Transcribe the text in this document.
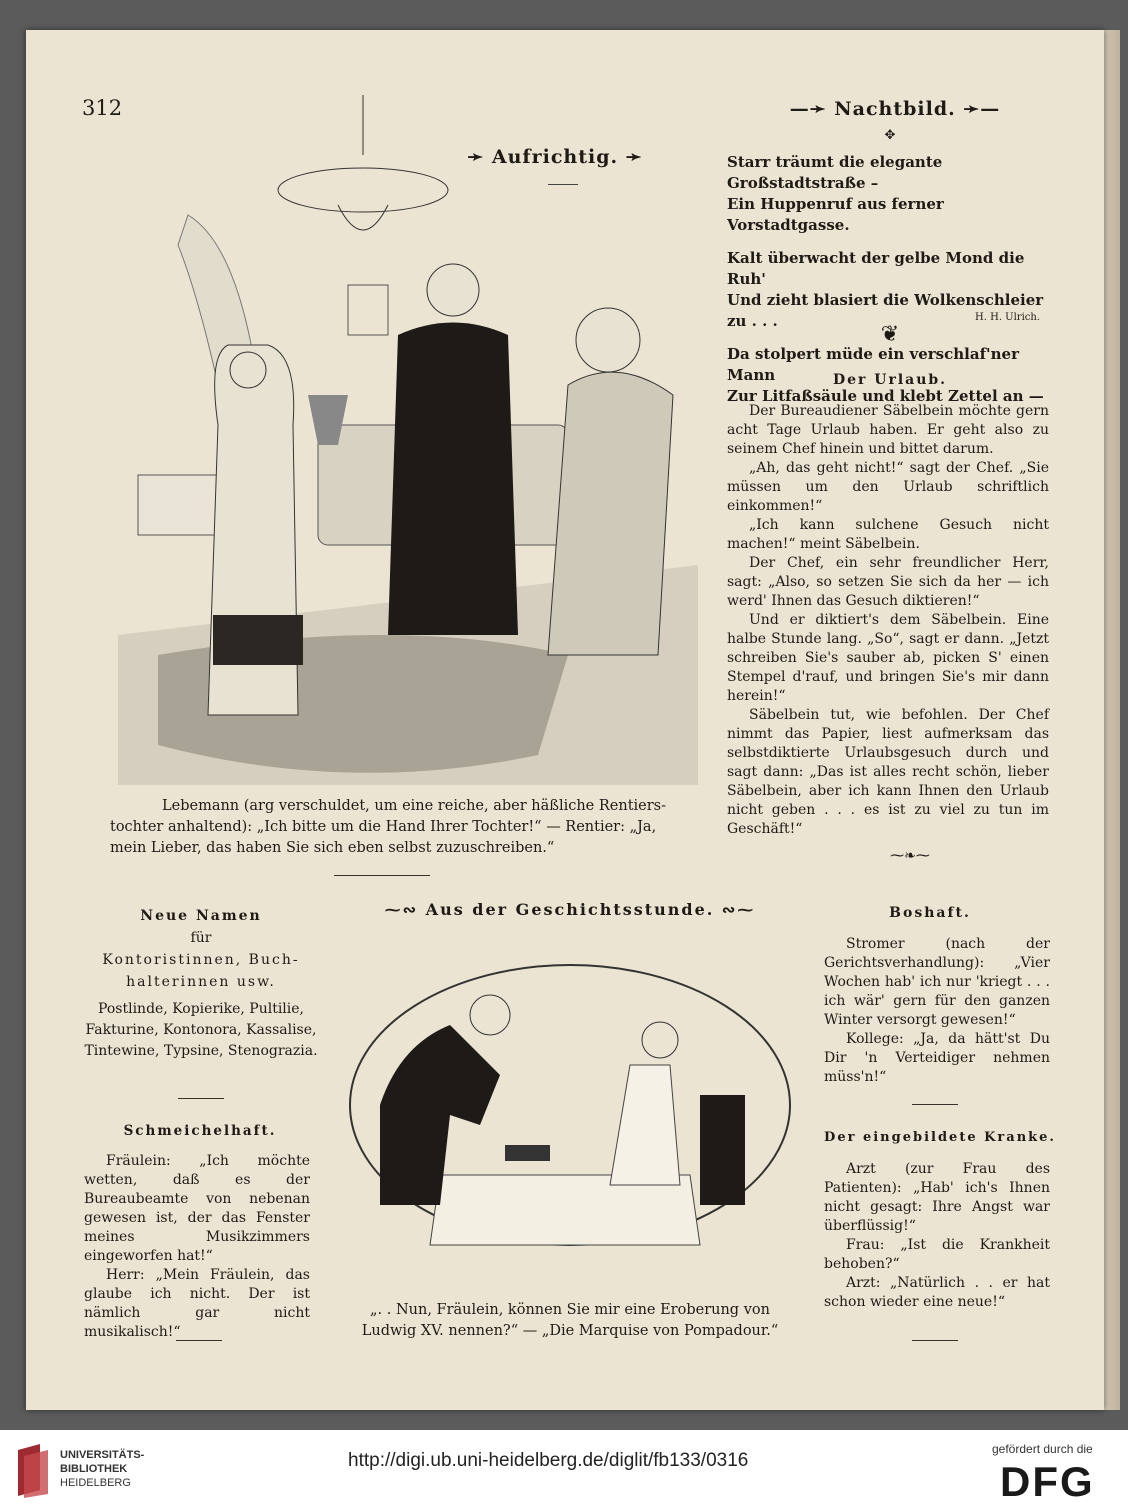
312
➛ Aufrichtig. ➛
Lebemann (arg verschuldet, um eine reiche, aber häßliche Rentiers-
tochter anhaltend): „Ich bitte um die Hand Ihrer Tochter!“ — Rentier: „Ja,
mein Lieber, das haben Sie sich eben selbst zuzuschreiben.“
—➛ Nachtbild. ➛—
✥

Starr träumt die elegante Großstadtstraße –

Ein Huppenruf aus ferner Vorstadtgasse.

Kalt überwacht der gelbe Mond die Ruh'

Und zieht blasiert die Wolkenschleier zu . . .

Da stolpert müde ein verschlaf'ner Mann

Zur Litfaßsäule und klebt Zettel an —

H. H. Ulrich.
❦
Der Urlaub.

Der Bureaudiener Säbelbein möchte gern acht Tage Urlaub haben. Er geht also zu seinem Chef hinein und bittet darum.

„Ah, das geht nicht!“ sagt der Chef. „Sie müssen um den Urlaub schriftlich einkommen!“

„Ich kann sulchene Gesuch nicht machen!“ meint Säbelbein.

Der Chef, ein sehr freundlicher Herr, sagt: „Also, so setzen Sie sich da her — ich werd' Ihnen das Gesuch diktieren!“

Und er diktiert's dem Säbelbein. Eine halbe Stunde lang. „So“, sagt er dann. „Jetzt schreiben Sie's sauber ab, picken S' einen Stempel d'rauf, und bringen Sie's mir dann herein!“

Säbelbein tut, wie befohlen. Der Chef nimmt das Papier, liest aufmerksam das selbstdiktierte Urlaubsgesuch durch und sagt dann: „Das ist alles recht schön, lieber Säbelbein, aber ich kann Ihnen den Urlaub nicht geben . . . es ist zu viel zu tun im Geschäft!“

⁓❧⁓
⁓∾ Aus der Geschichtsstunde. ∾⁓
„. . Nun, Fräulein, können Sie mir eine Eroberung von
Ludwig XV. nennen?“ — „Die Marquise von Pompadour.“
Neue Namen
für
Kontoristinnen, Buch-
halterinnen usw.

Postlinde, Kopierike, Pultilie, Fakturine, Kontonora, Kassalise, Tintewine, Typsine, Stenograzia.

Schmeichelhaft.

Fräulein: „Ich möchte wetten, daß es der Bureaubeamte von nebenan gewesen ist, der das Fenster meines Musikzimmers eingeworfen hat!“

Herr: „Mein Fräulein, das glaube ich nicht. Der ist nämlich gar nicht musikalisch!“

Boshaft.

Stromer (nach der Gerichtsverhandlung): „Vier Wochen hab' ich nur 'kriegt . . . ich wär' gern für den ganzen Winter versorgt gewesen!“

Kollege: „Ja, da hätt'st Du Dir 'n Verteidiger nehmen müss'n!“

Der eingebildete Kranke.

Arzt (zur Frau des Patienten): „Hab' ich's Ihnen nicht gesagt: Ihre Angst war überflüssig!“

Frau: „Ist die Krankheit behoben?“

Arzt: „Natürlich . . er hat schon wieder eine neue!“

UNIVERSITÄTS-
BIBLIOTHEK
HEIDELBERG
http://digi.ub.uni-heidelberg.de/diglit/fb133/0316
gefördert durch die
DFG
